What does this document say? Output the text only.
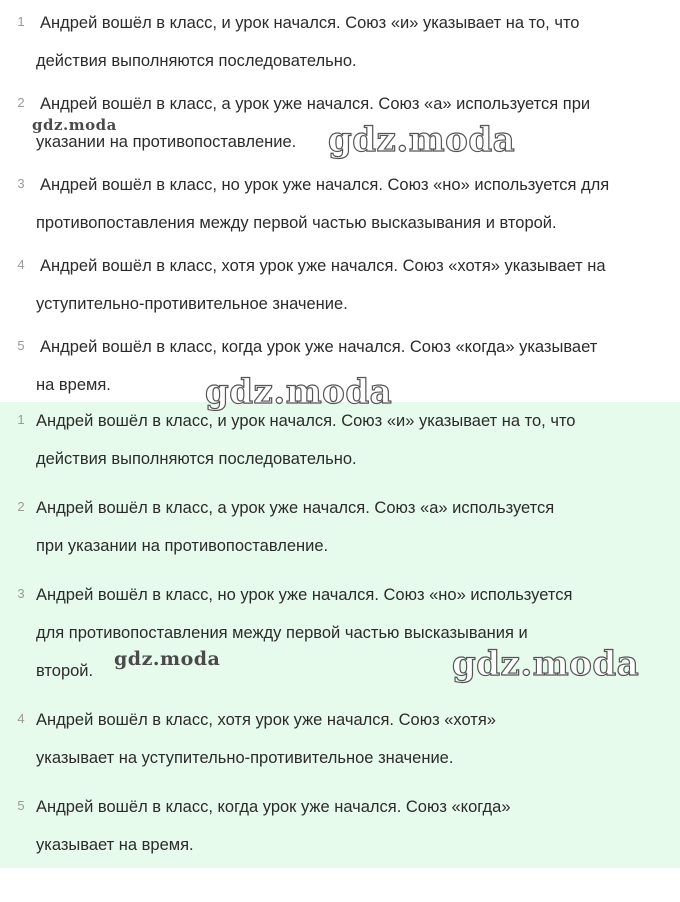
1 Андрей вошёл в класс, и урок начался. Союз «и» указывает на то, что
действия выполняются последовательно.
2 Андрей вошёл в класс, а урок уже начался. Союз «а» используется при
указании на противопоставление.
3 Андрей вошёл в класс, но урок уже начался. Союз «но» используется для
противопоставления между первой частью высказывания и второй.
4 Андрей вошёл в класс, хотя урок уже начался. Союз «хотя» указывает на
уступительно-противительное значение.
5 Андрей вошёл в класс, когда урок уже начался. Союз «когда» указывает
на время.
1 Андрей вошёл в класс, и урок начался. Союз «и» указывает на то, что
действия выполняются последовательно.
2 Андрей вошёл в класс, а урок уже начался. Союз «а» используется
при указании на противопоставление.
3 Андрей вошёл в класс, но урок уже начался. Союз «но» используется
для противопоставления между первой частью высказывания и
второй.
4 Андрей вошёл в класс, хотя урок уже начался. Союз «хотя»
указывает на уступительно-противительное значение.
5 Андрей вошёл в класс, когда урок уже начался. Союз «когда»
указывает на время.
gdz.moda	gdz.moda
gdz.moda
gdz.moda	gdz.moda
